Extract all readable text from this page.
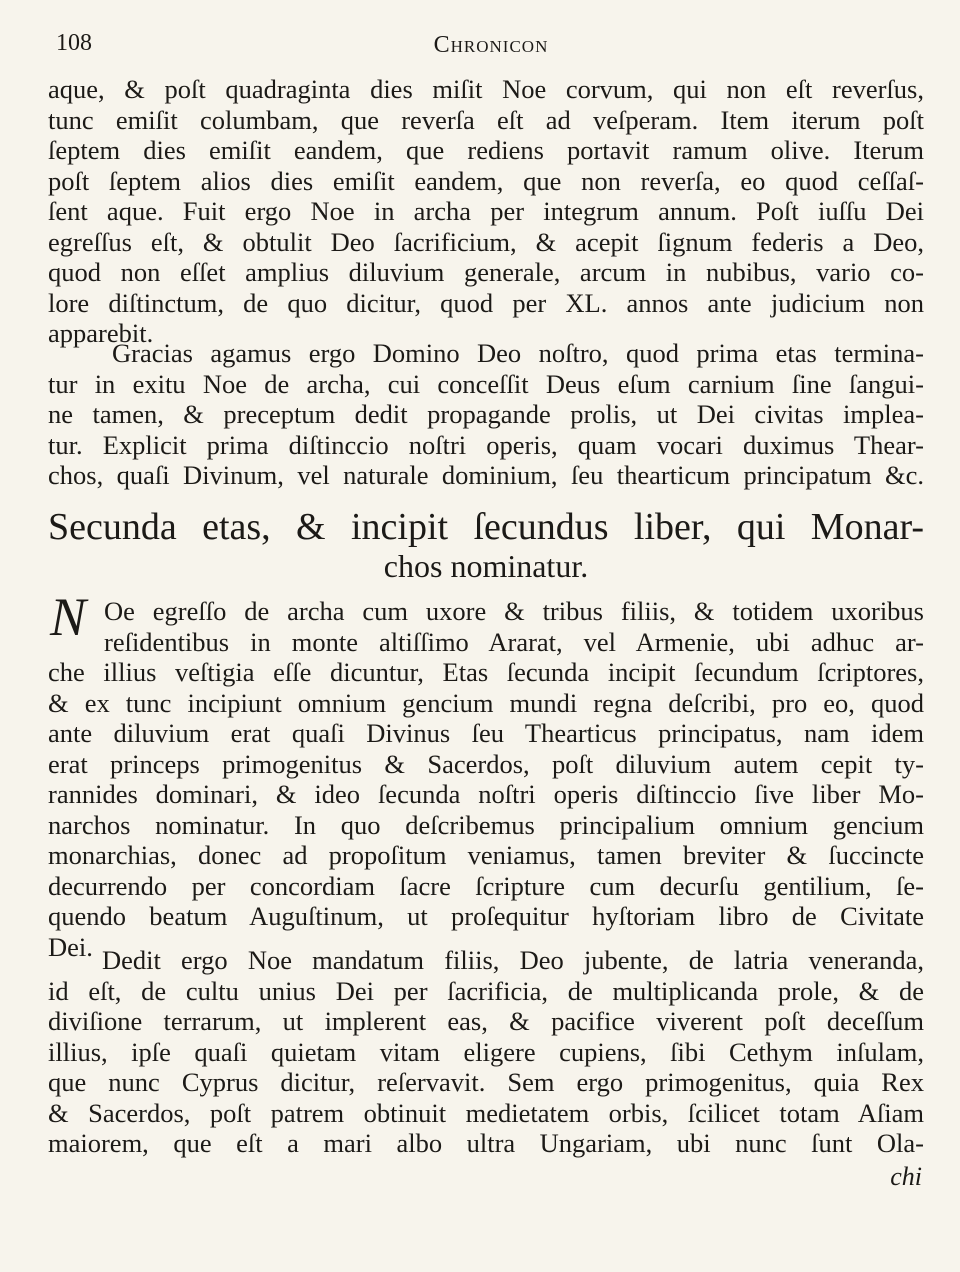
108	Chronicon
aque, & poſt quadraginta dies miſit Noe corvum, qui non eſt reverſus,
tunc emiſit columbam, que reverſa eſt ad veſperam. Item iterum poſt
ſeptem dies emiſit eandem, que rediens portavit ramum olive. Iterum
poſt ſeptem alios dies emiſit eandem, que non reverſa, eo quod ceſſaſ-
ſent aque. Fuit ergo Noe in archa per integrum annum. Poſt iuſſu Dei
egreſſus eſt, & obtulit Deo ſacrificium, & acepit ſignum federis a Deo,
quod non eſſet amplius diluvium generale, arcum in nubibus, vario co-
lore diſtinctum, de quo dicitur, quod per XL. annos ante judicium non
apparebit.
Gracias agamus ergo Domino Deo noſtro, quod prima etas termina-
tur in exitu Noe de archa, cui conceſſit Deus eſum carnium ſine ſangui-
ne tamen, & preceptum dedit propagande prolis, ut Dei civitas implea-
tur. Explicit prima diſtinccio noſtri operis, quam vocari duximus Thear-
chos, quaſi Divinum, vel naturale dominium, ſeu thearticum principatum &c.
Secunda etas, & incipit ſecundus liber, qui Monar-
chos nominatur.
N Oe egreſſo de archa cum uxore & tribus filiis, & totidem uxoribus
reſidentibus in monte altiſſimo Ararat, vel Armenie, ubi adhuc ar-
che illius veſtigia eſſe dicuntur, Etas ſecunda incipit ſecundum ſcriptores,
& ex tunc incipiunt omnium gencium mundi regna deſcribi, pro eo, quod
ante diluvium erat quaſi Divinus ſeu Thearticus principatus, nam idem
erat princeps primogenitus & Sacerdos, poſt diluvium autem cepit ty-
rannides dominari, & ideo ſecunda noſtri operis diſtinccio ſive liber Mo-
narchos nominatur. In quo deſcribemus principalium omnium gencium
monarchias, donec ad propoſitum veniamus, tamen breviter & ſuccincte
decurrendo per concordiam ſacre ſcripture cum decurſu gentilium, ſe-
quendo beatum Auguſtinum, ut proſequitur hyſtoriam libro de Civitate
Dei. Dedit ergo Noe mandatum filiis, Deo jubente, de latria veneranda,
id eſt, de cultu unius Dei per ſacrificia, de multiplicanda prole, & de
diviſione terrarum, ut implerent eas, & pacifice viverent poſt deceſſum
illius, ipſe quaſi quietam vitam eligere cupiens, ſibi Cethym inſulam,
que nunc Cyprus dicitur, reſervavit. Sem ergo primogenitus, quia Rex
& Sacerdos, poſt patrem obtinuit medietatem orbis, ſcilicet totam Aſiam
maiorem, que eſt a mari albo ultra Ungariam, ubi nunc ſunt Ola-
chi
